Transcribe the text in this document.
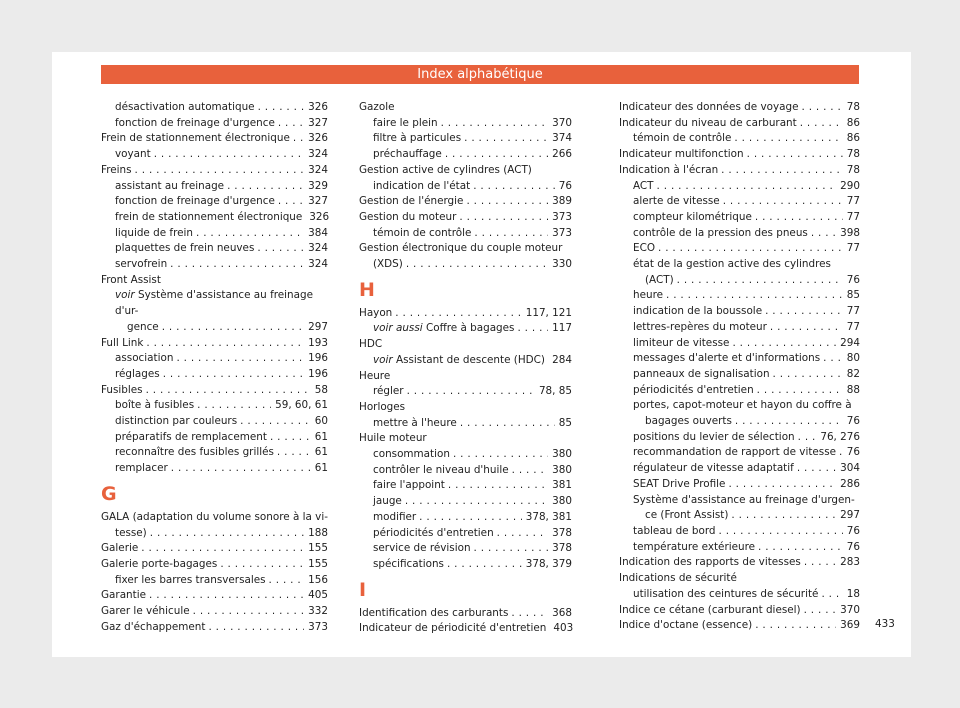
Index alphabétique
désactivation automatique . . .	326
fonction de freinage d'urgence . . .	327
Frein de stationnement électronique . . . 326
voyant . . .	324
Freins . . .	324
assistant au freinage . . .	329
fonction de freinage d'urgence . . .	327
frein de stationnement électronique 326
liquide de frein . . .	384
plaquettes de frein neuves . . .	324
servofrein . . .	324
Front Assist
voir Système d'assistance au freinage d'ur-
gence . . .	297
Full Link . . .	193
association . . .	196
réglages . . .	196
Fusibles . . .	58
boîte à fusibles . . .	59, 60, 61
distinction par couleurs . . .	60
préparatifs de remplacement . . .	61
reconnaître des fusibles grillés . . .	61
remplacer . . .	61
G
GALA (adaptation du volume sonore à la vi-
tesse) . . .	188
Galerie . . .	155
Galerie porte-bagages . . .	155
fixer les barres transversales . . .	156
Garantie . . .	405
Garer le véhicule . . .	332
Gaz d'échappement . . .	373
Gazole
faire le plein . . .	370
filtre à particules . . .	374
préchauffage . . .	266
Gestion active de cylindres (ACT)
indication de l'état . . .	76
Gestion de l'énergie . . .	389
Gestion du moteur . . .	373
témoin de contrôle . . .	373
Gestion électronique du couple moteur
(XDS) . . .	330
H
Hayon . . .	117, 121
voir aussi Coffre à bagages . . .	117
HDC
voir Assistant de descente (HDC) . . . 284
Heure
régler . . .	78, 85
Horloges
mettre à l'heure . . .	85
Huile moteur
consommation . . .	380
contrôler le niveau d'huile . . .	380
faire l'appoint . . .	381
jauge . . .	380
modifier . . .	378, 381
périodicités d'entretien . . .	378
service de révision . . .	378
spécifications . . .	378, 379
I
Identification des carburants . . .	368
Indicateur de périodicité d'entretien 403
Indicateur des données de voyage . . .	78
Indicateur du niveau de carburant . . .	86
témoin de contrôle . . .	86
Indicateur multifonction . . .	78
Indication à l'écran . . .	78
ACT . . .	290
alerte de vitesse . . .	77
compteur kilométrique . . .	77
contrôle de la pression des pneus . . .	398
ECO . . .	77
état de la gestion active des cylindres
(ACT) . . .	76
heure . . .	85
indication de la boussole . . .	77
lettres-repères du moteur . . .	77
limiteur de vitesse . . .	294
messages d'alerte et d'informations . . .	80
panneaux de signalisation . . .	82
périodicités d'entretien . . .	88
portes, capot-moteur et hayon du coffre à
bagages ouverts . . .	76
positions du levier de sélection . . . 76, 276
recommandation de rapport de vitesse . . . 76
régulateur de vitesse adaptatif . . .	304
SEAT Drive Profile . . .	286
Système d'assistance au freinage d'urgen-
ce (Front Assist) . . .	297
tableau de bord . . .	76
température extérieure . . .	76
Indication des rapports de vitesses . . .	283
Indications de sécurité
utilisation des ceintures de sécurité . . .	18
Indice ce cétane (carburant diesel) . . .	370
Indice d'octane (essence) . . .	369 433
